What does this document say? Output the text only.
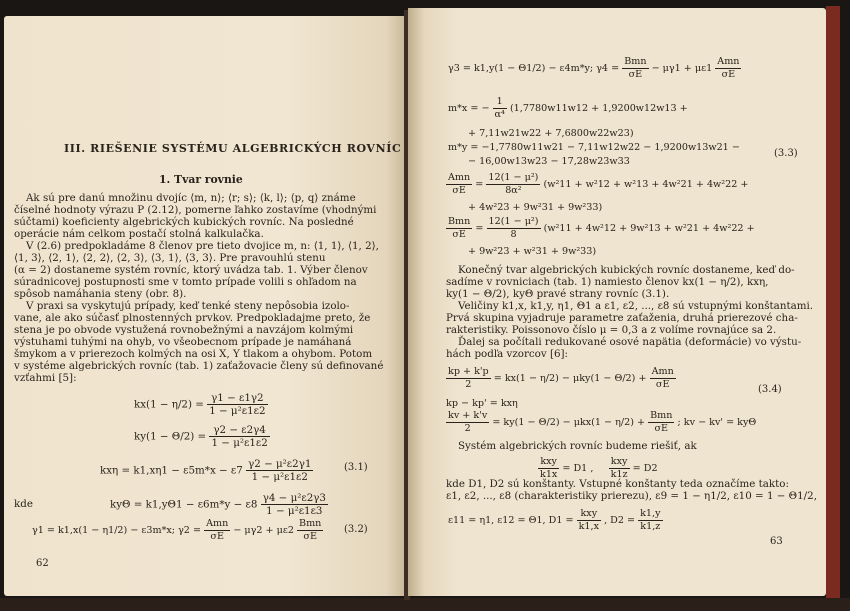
III. RIEŠENIE SYSTÉMU ALGEBRICKÝCH ROVNÍC
1. Tvar rovnie
Ak sú pre danú množinu dvojíc ⟨m, n⟩; ⟨r; s⟩; ⟨k, l⟩; ⟨p, q⟩ známe
číselné hodnoty výrazu P (2.12), pomerne ľahko zostavíme (vhodnými
súčtami) koeficienty algebrických kubických rovníc. Na posledné
operácie nám celkom postačí stolná kalkulačka.
V (2.6) predpokladáme 8 členov pre tieto dvojice m, n: ⟨1, 1⟩, ⟨1, 2⟩,
⟨1, 3⟩, ⟨2, 1⟩, ⟨2, 2⟩, ⟨2, 3⟩, ⟨3, 1⟩, ⟨3, 3⟩. Pre pravouhlú stenu
(α = 2) dostaneme systém rovníc, ktorý uvádza tab. 1. Výber členov
súradnicovej postupnosti sme v tomto prípade volili s ohľadom na
spôsob namáhania steny (obr. 8).
V praxi sa vyskytujú prípady, keď tenké steny nepôsobia izolo-
vane, ale ako súčasť plnostenných prvkov. Predpokladajme preto, že
stena je po obvode vystužená rovnobežnými a navzájom kolmými
výstuhami tuhými na ohyb, vo všeobecnom prípade je namáhaná
šmykom a v prierezoch kolmých na osi X, Y tlakom a ohybom. Potom
v systéme algebrických rovníc (tab. 1) zaťažovacie členy sú definované
vzťahmi [5]:
$kx(1 - \eta/2) = \frac{\gamma 1 - \varepsilon 1\gamma 2}{\text{1 − μ²ε1ε2}}$
$ky(1 - \Theta/2) = \frac{\gamma 2 - \varepsilon 2\gamma 4}{\text{1 − μ²ε1ε2}}$
$kx\eta = k1,x\eta 1 - \varepsilon 5m*x - \varepsilon 7 \frac{\text{γ2 − μ²ε2γ1}}{\text{1 − μ²ε1ε2}}$	(3.1)
$ky\Theta = k1,y\Theta 1 - \varepsilon 6m*y - \varepsilon 8 \frac{\text{γ4 − μ²ε2γ3}}{\text{1 − μ²ε1ε3}}$
kde
γ1 = k1,x(1 − η1/2) − ε3m*x; $\gamma 2 = \frac{\text{Amn}}{\sigma E} - \mu\gamma 2 + \mu\varepsilon 2 \frac{\text{Bmn}}{\sigma E} (3.2)$
62
γ3 = k1,y(1 − Θ1/2) − ε4m*y; $\gamma 4 = \frac{\text{Bmn}}{\sigma E} - \mu\gamma 1 + \mu\varepsilon 1 \frac{\text{Amn}}{\sigma E}$
m*x = − $\frac{1}{\text{α⁴}} (1,7780w11w12 + 1,9200w12w13$ +
+ 7,11w21w22 + 7,6800w22w23)
m*y = −1,7780w11w21 − 7,11w12w22 − 1,9200w13w21 −
− 16,00w13w23 − 17,28w23w33
(3.3)
$\frac{\text{Amn}}{\sigma E} = \frac{\text{12(1 − μ²)}}{\text{8α²}} (w^211 + w^212 + w^213 + 4w^221 + 4w^222$ +
+ 4w²23 + 9w²31 + 9w²33)
$\frac{\text{Bmn}}{\sigma E} = \frac{\text{12(1 − μ²)}}{8} (w^211 + 4w^212 + 9w^213 + w^221 + 4w^222$ +
+ 9w²23 + w²31 + 9w²33)
Konečný tvar algebrických kubických rovníc dostaneme, keď do-
sadíme v rovniciach (tab. 1) namiesto členov kx(1 − η/2), kxη,
ky(1 − Θ/2), kyΘ pravé strany rovníc (3.1).
Veličiny k1,x, k1,y, η1, Θ1 a ε1, ε2, ..., ε8 sú vstupnými konštantami.
Prvá skupina vyjadruje parametre zaťaženia, druhá prierezové cha-
rakteristiky. Poissonovo číslo μ = 0,3 a z volíme rovnajúce sa 2.
Ďalej sa počítali redukované osové napätia (deformácie) vo výstu-
hách podľa vzorcov [6]:
$\frac{kp + k'p}{2} = kx(1 - \eta/2) - \mu ky(1 - \Theta/2) + \frac{\text{Amn}}{\sigma E}$
kp − kp' = kxη
(3.4)
$\frac{kv + k'v}{2} = ky(1 - \Theta/2) - \mu kx(1 - \eta/2) + \frac{\text{Bmn}}{\sigma E}$ ; kv − kv' = kyΘ
Systém algebrických rovníc budeme riešiť, ak
$\frac{\text{kxy}}{k1x} = D1$ , $\frac{\text{kxy}}{k1z} = D2$
kde D1, D2 sú konštanty. Vstupné konštanty teda označíme takto:
ε1, ε2, ..., ε8 (charakteristiky prierezu), ε9 = 1 − η1/2, ε10 = 1 − Θ1/2,
ε11 = η1, ε12 = Θ1, $D1 = \frac{\text{kxy}}{k1,x}$ , $D2 = \frac{k1,y}{k1,z}$
63
